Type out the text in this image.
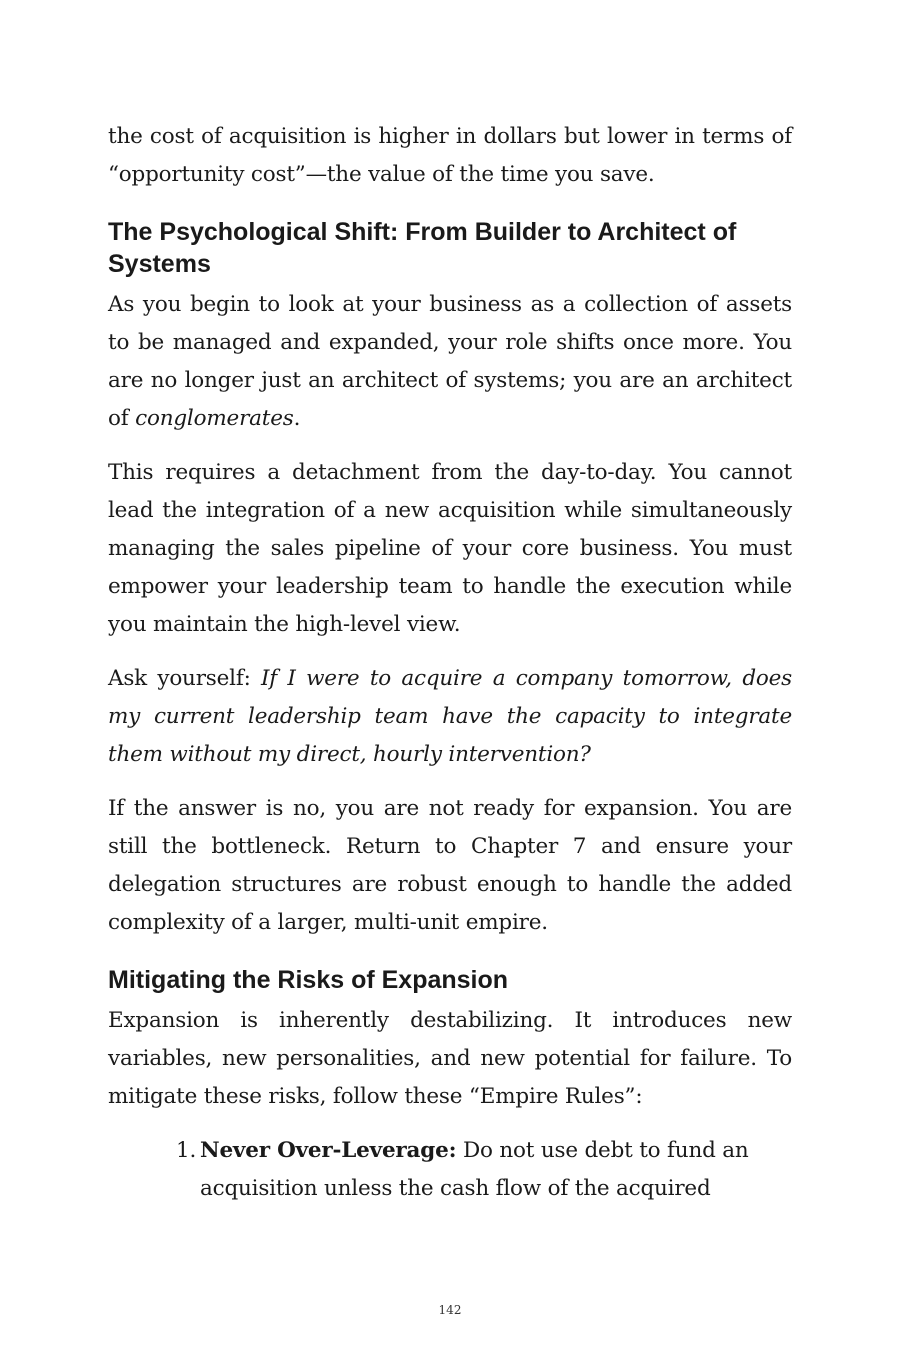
the cost of acquisition is higher in dollars but lower in terms of “opportunity cost”—the value of the time you save.

The Psychological Shift: From Builder to Architect of Systems

As you begin to look at your business as a collection of assets to be managed and expanded, your role shifts once more. You are no longer just an architect of systems; you are an architect of conglomerates.

This requires a detachment from the day-to-day. You cannot lead the integration of a new acquisition while simultaneously managing the sales pipeline of your core business. You must empower your leadership team to handle the execution while you maintain the high-level view.

Ask yourself: If I were to acquire a company tomorrow, does my current leadership team have the capacity to integrate them without my direct, hourly intervention?

If the answer is no, you are not ready for expansion. You are still the bottleneck. Return to Chapter 7 and ensure your delegation structures are robust enough to handle the added complexity of a larger, multi-unit empire.

Mitigating the Risks of Expansion

Expansion is inherently destabilizing. It introduces new variables, new personalities, and new potential for failure. To mitigate these risks, follow these “Empire Rules”:

1. Never Over-Leverage: Do not use debt to fund an acquisition unless the cash flow of the acquired
142
